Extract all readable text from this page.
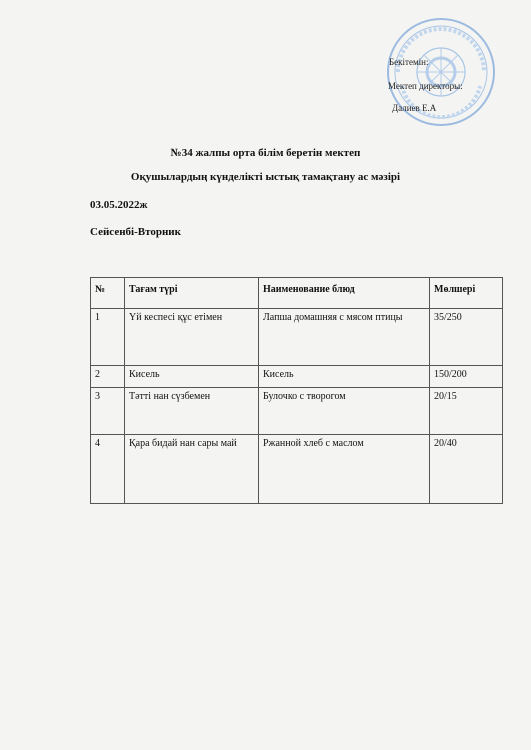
Бекітемін:
Мектеп директоры:
Далиев Е.А
№34 жалпы орта білім беретін мектеп
Оқушылардың күнделікті ыстық тамақтану ас мәзірі
03.05.2022ж
Сейсенбі-Вторник
№	Тағам түрі	Наименование блюд	Мөлшері
1	Үй кеспесі құс етімен	Лапша домашняя с мясом птицы	35/250
2	Кисель	Кисель	150/200
3	Тәтті нан сүзбемен	Булочко с творогом	20/15
4	Қара бидай нан сары май	Ржанной хлеб с маслом	20/40
